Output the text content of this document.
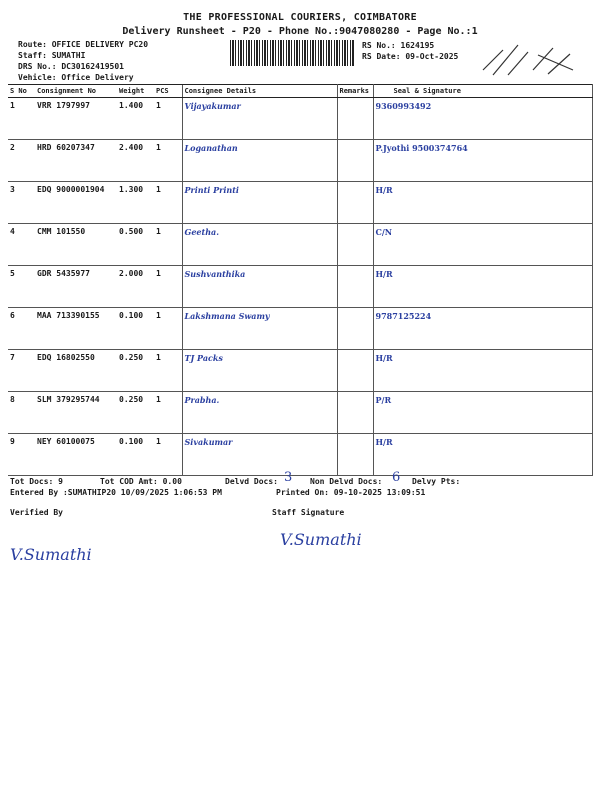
THE PROFESSIONAL COURIERS, COIMBATORE
Delivery Runsheet - P20 - Phone No.:9047080280 - Page No.:1
Route: OFFICE DELIVERY PC20
Staff: SUMATHI
DRS No.: DC30162419501
Vehicle: Office Delivery
RS No.: 1624195
RS Date: 09-Oct-2025
S No	Consignment No	Weight	PCS	Consignee Details	Remarks	Seal & Signature
1	VRR 1797997	1.400	1	Vijayakumar		9360993492
2	HRD 60207347	2.400	1	Loganathan		P.Jyothi 9500374764
3	EDQ 9000001904	1.300	1	Printi Printi		H/R
4	CMM 101550	0.500	1	Geetha.		C/N
5	GDR 5435977	2.000	1	Sushvanthika		H/R
6	MAA 713390155	0.100	1	Lakshmana Swamy		9787125224
7	EDQ 16802550	0.250	1	TJ Packs		H/R
8	SLM 379295744	0.250	1	Prabha.		P/R
9	NEY 60100075	0.100	1	Sivakumar		H/R
Tot Docs: 9	Tot COD Amt: 0.00	Delvd Docs: 3 Non Delvd Docs: 6 Delvy Pts:
Entered By :SUMATHIP20 10/09/2025 1:06:53 PM	Printed On: 09-10-2025 13:09:51
Verified By	Staff Signature
V.Sumathi
V.Sumathi
